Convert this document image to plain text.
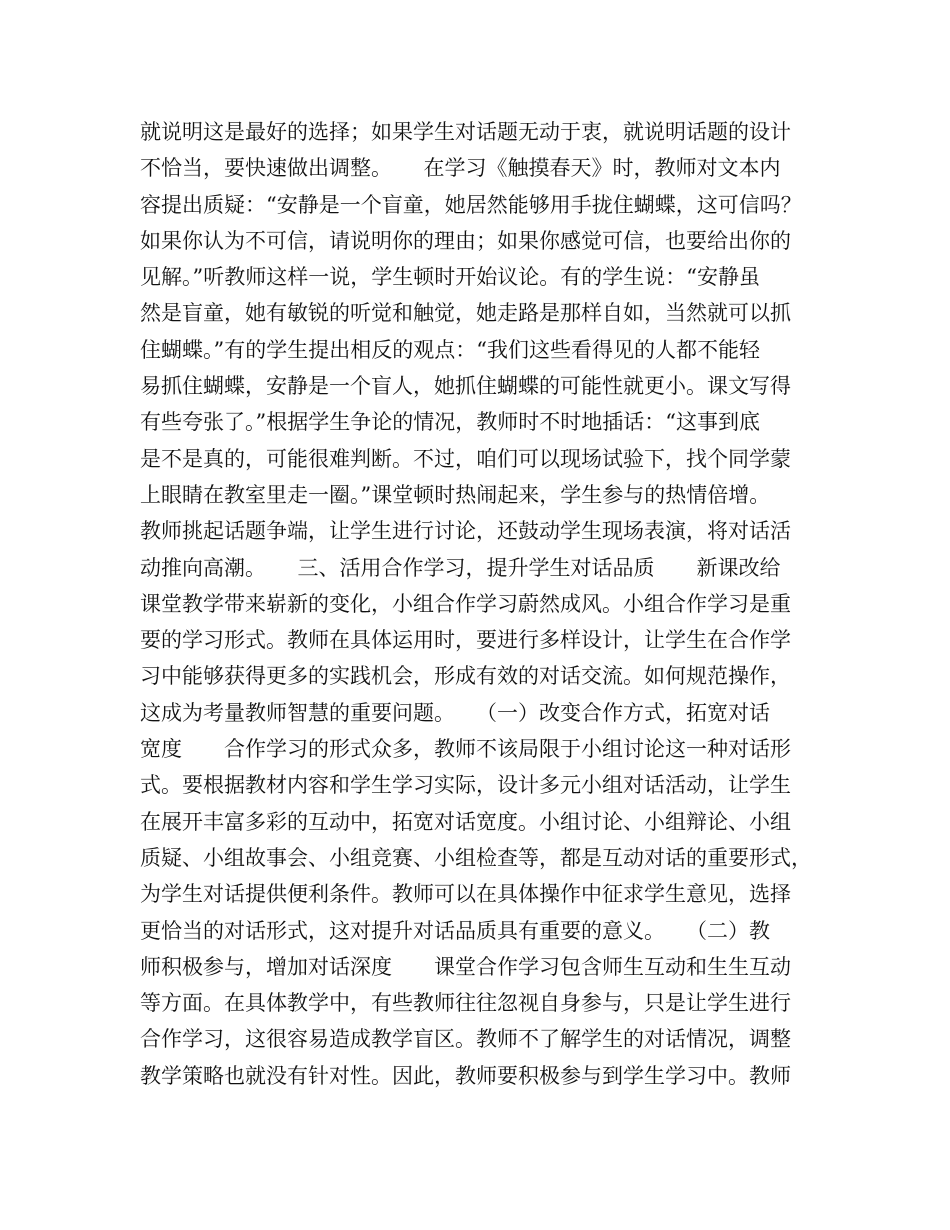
就说明这是最好的选择；如果学生对话题无动于衷，就说明话题的设计
不恰当，要快速做出调整。　　在学习《触摸春天》时，教师对文本内
容提出质疑：“安静是一个盲童，她居然能够用手拢住蝴蝶，这可信吗？
如果你认为不可信，请说明你的理由；如果你感觉可信，也要给出你的
见解。”听教师这样一说，学生顿时开始议论。有的学生说：“安静虽
然是盲童，她有敏锐的听觉和触觉，她走路是那样自如，当然就可以抓
住蝴蝶。”有的学生提出相反的观点：“我们这些看得见的人都不能轻
易抓住蝴蝶，安静是一个盲人，她抓住蝴蝶的可能性就更小。课文写得
有些夸张了。”根据学生争论的情况，教师时不时地插话：“这事到底
是不是真的，可能很难判断。不过，咱们可以现场试验下，找个同学蒙
上眼睛在教室里走一圈。”课堂顿时热闹起来，学生参与的热情倍增。
教师挑起话题争端，让学生进行讨论，还鼓动学生现场表演，将对话活
动推向高潮。　　三、活用合作学习，提升学生对话品质　　新课改给
课堂教学带来崭新的变化，小组合作学习蔚然成风。小组合作学习是重
要的学习形式。教师在具体运用时，要进行多样设计，让学生在合作学
习中能够获得更多的实践机会，形成有效的对话交流。如何规范操作，
这成为考量教师智慧的重要问题。　　（一）改变合作方式，拓宽对话
宽度　　合作学习的形式众多，教师不该局限于小组讨论这一种对话形
式。要根据教材内容和学生学习实际，设计多元小组对话活动，让学生
在展开丰富多彩的互动中，拓宽对话宽度。小组讨论、小组辩论、小组
质疑、小组故事会、小组竞赛、小组检查等，都是互动对话的重要形式，
为学生对话提供便利条件。教师可以在具体操作中征求学生意见，选择
更恰当的对话形式，这对提升对话品质具有重要的意义。　　（二）教
师积极参与，增加对话深度　　课堂合作学习包含师生互动和生生互动
等方面。在具体教学中，有些教师往往忽视自身参与，只是让学生进行
合作学习，这很容易造成教学盲区。教师不了解学生的对话情况，调整
教学策略也就没有针对性。因此，教师要积极参与到学生学习中。教师
